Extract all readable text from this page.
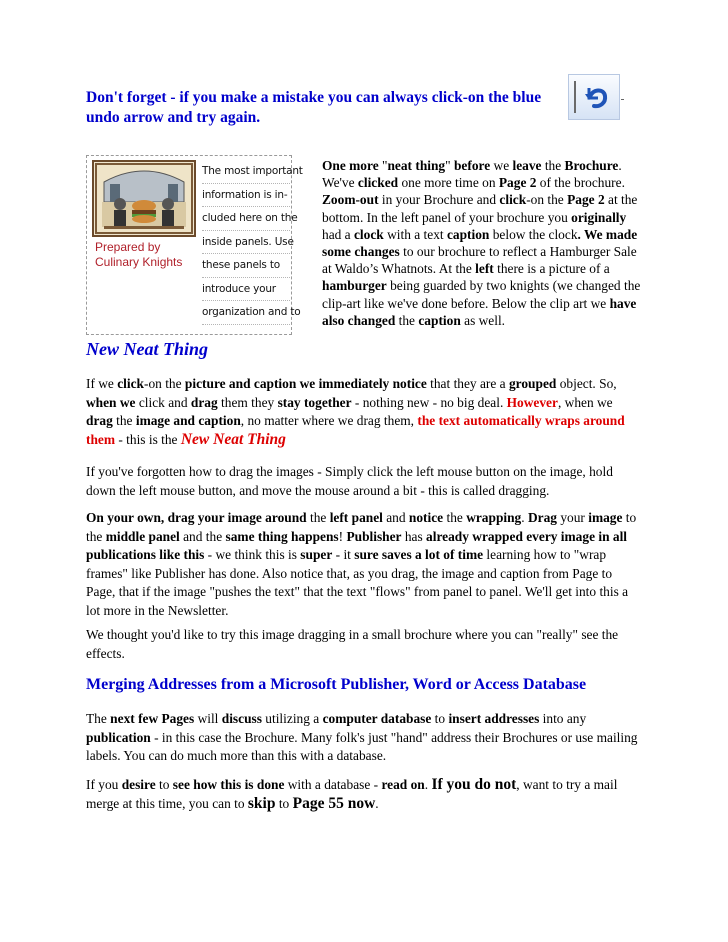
Don't forget - if you make a mistake you can always click-on the blue undo arrow and try again.
Prepared by
Culinary Knights
The most important
information is in-
cluded here on the
inside panels. Use
these panels to
introduce your
organization and to
One more "neat thing" before we leave the Brochure. We've clicked one more time on Page 2 of the brochure. Zoom-out in your Brochure and click-on the Page 2 at the bottom. In the left panel of your brochure you originally had a clock with a text caption below the clock. We made some changes to our brochure to reflect a Hamburger Sale at Waldo’s Whatnots. At the left there is a picture of a hamburger being guarded by two knights (we changed the clip-art like we've done before. Below the clip art we have also changed the caption as well.
New Neat Thing
If we click-on the picture and caption we immediately notice that they are a grouped object. So, when we click and drag them they stay together - nothing new - no big deal. However, when we drag the image and caption, no matter where we drag them, the text automatically wraps around them - this is the New Neat Thing
If you've forgotten how to drag the images - Simply click the left mouse button on the image, hold down the left mouse button, and move the mouse around a bit - this is called dragging.
On your own, drag your image around the left panel and notice the wrapping. Drag your image to the middle panel and the same thing happens! Publisher has already wrapped every image in all publications like this - we think this is super - it sure saves a lot of time learning how to "wrap frames" like Publisher has done. Also notice that, as you drag, the image and caption from Page to Page, that if the image "pushes the text" that the text "flows" from panel to panel. We'll get into this a lot more in the Newsletter.
We thought you'd like to try this image dragging in a small brochure where you can "really" see the effects.
Merging Addresses from a Microsoft Publisher, Word or Access Database
The next few Pages will discuss utilizing a computer database to insert addresses into any publication - in this case the Brochure. Many folk's just "hand" address their Brochures or use mailing labels. You can do much more than this with a database.
If you desire to see how this is done with a database - read on. If you do not, want to try a mail merge at this time, you can to skip to Page 55 now.
